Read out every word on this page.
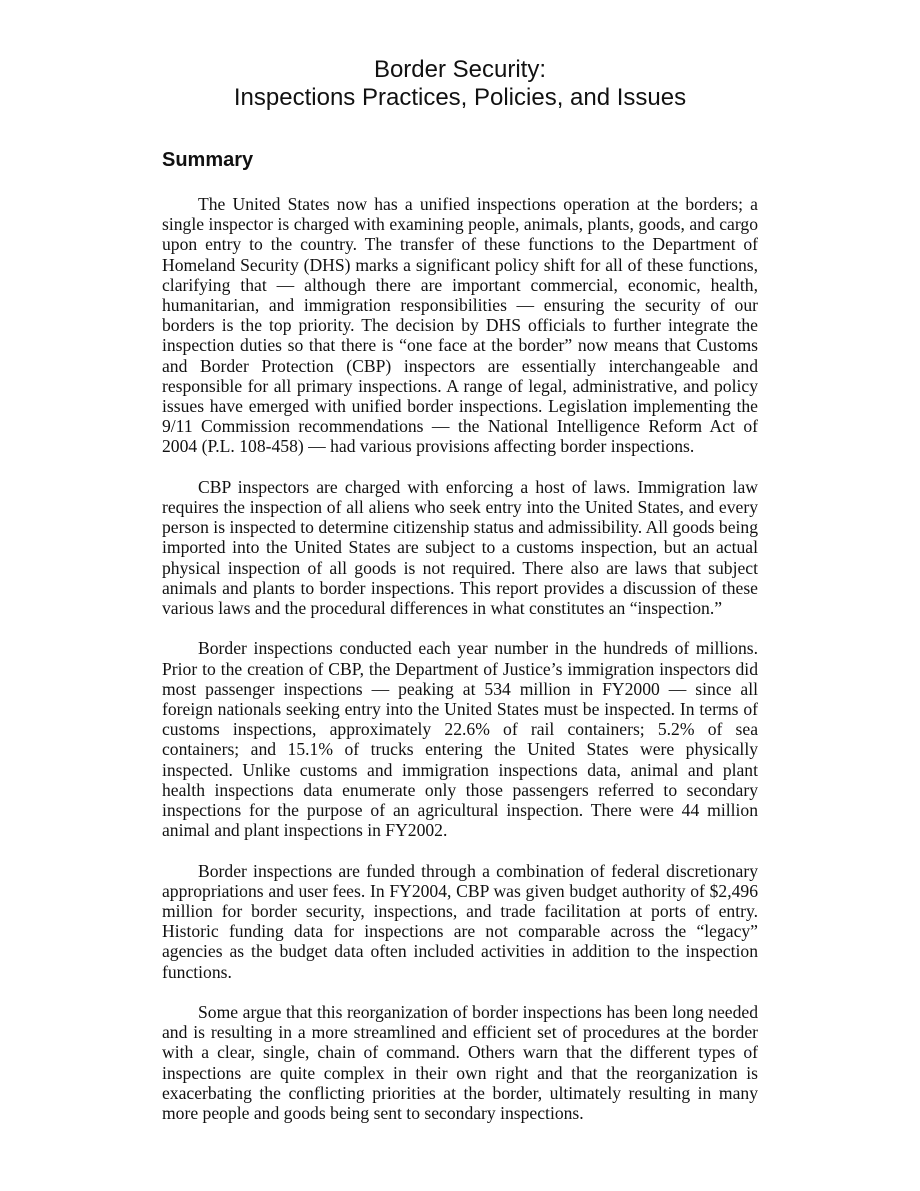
Border Security:
Inspections Practices, Policies, and Issues
Summary

The United States now has a unified inspections operation at the borders; a single inspector is charged with examining people, animals, plants, goods, and cargo upon entry to the country. The transfer of these functions to the Department of Homeland Security (DHS) marks a significant policy shift for all of these functions, clarifying that — although there are important commercial, economic, health, humanitarian, and immigration responsibilities — ensuring the security of our borders is the top priority. The decision by DHS officials to further integrate the inspection duties so that there is “one face at the border” now means that Customs and Border Protection (CBP) inspectors are essentially interchangeable and responsible for all primary inspections. A range of legal, administrative, and policy issues have emerged with unified border inspections. Legislation implementing the 9/11 Commission recommendations — the National Intelligence Reform Act of 2004 (P.L. 108-458) — had various provisions affecting border inspections.

CBP inspectors are charged with enforcing a host of laws. Immigration law requires the inspection of all aliens who seek entry into the United States, and every person is inspected to determine citizenship status and admissibility. All goods being imported into the United States are subject to a customs inspection, but an actual physical inspection of all goods is not required. There also are laws that subject animals and plants to border inspections. This report provides a discussion of these various laws and the procedural differences in what constitutes an “inspection.”

Border inspections conducted each year number in the hundreds of millions. Prior to the creation of CBP, the Department of Justice’s immigration inspectors did most passenger inspections — peaking at 534 million in FY2000 — since all foreign nationals seeking entry into the United States must be inspected. In terms of customs inspections, approximately 22.6% of rail containers; 5.2% of sea containers; and 15.1% of trucks entering the United States were physically inspected. Unlike customs and immigration inspections data, animal and plant health inspections data enumerate only those passengers referred to secondary inspections for the purpose of an agricultural inspection. There were 44 million animal and plant inspections in FY2002.

Border inspections are funded through a combination of federal discretionary appropriations and user fees. In FY2004, CBP was given budget authority of $2,496 million for border security, inspections, and trade facilitation at ports of entry. Historic funding data for inspections are not comparable across the “legacy” agencies as the budget data often included activities in addition to the inspection functions.

Some argue that this reorganization of border inspections has been long needed and is resulting in a more streamlined and efficient set of procedures at the border with a clear, single, chain of command. Others warn that the different types of inspections are quite complex in their own right and that the reorganization is exacerbating the conflicting priorities at the border, ultimately resulting in many more people and goods being sent to secondary inspections.
